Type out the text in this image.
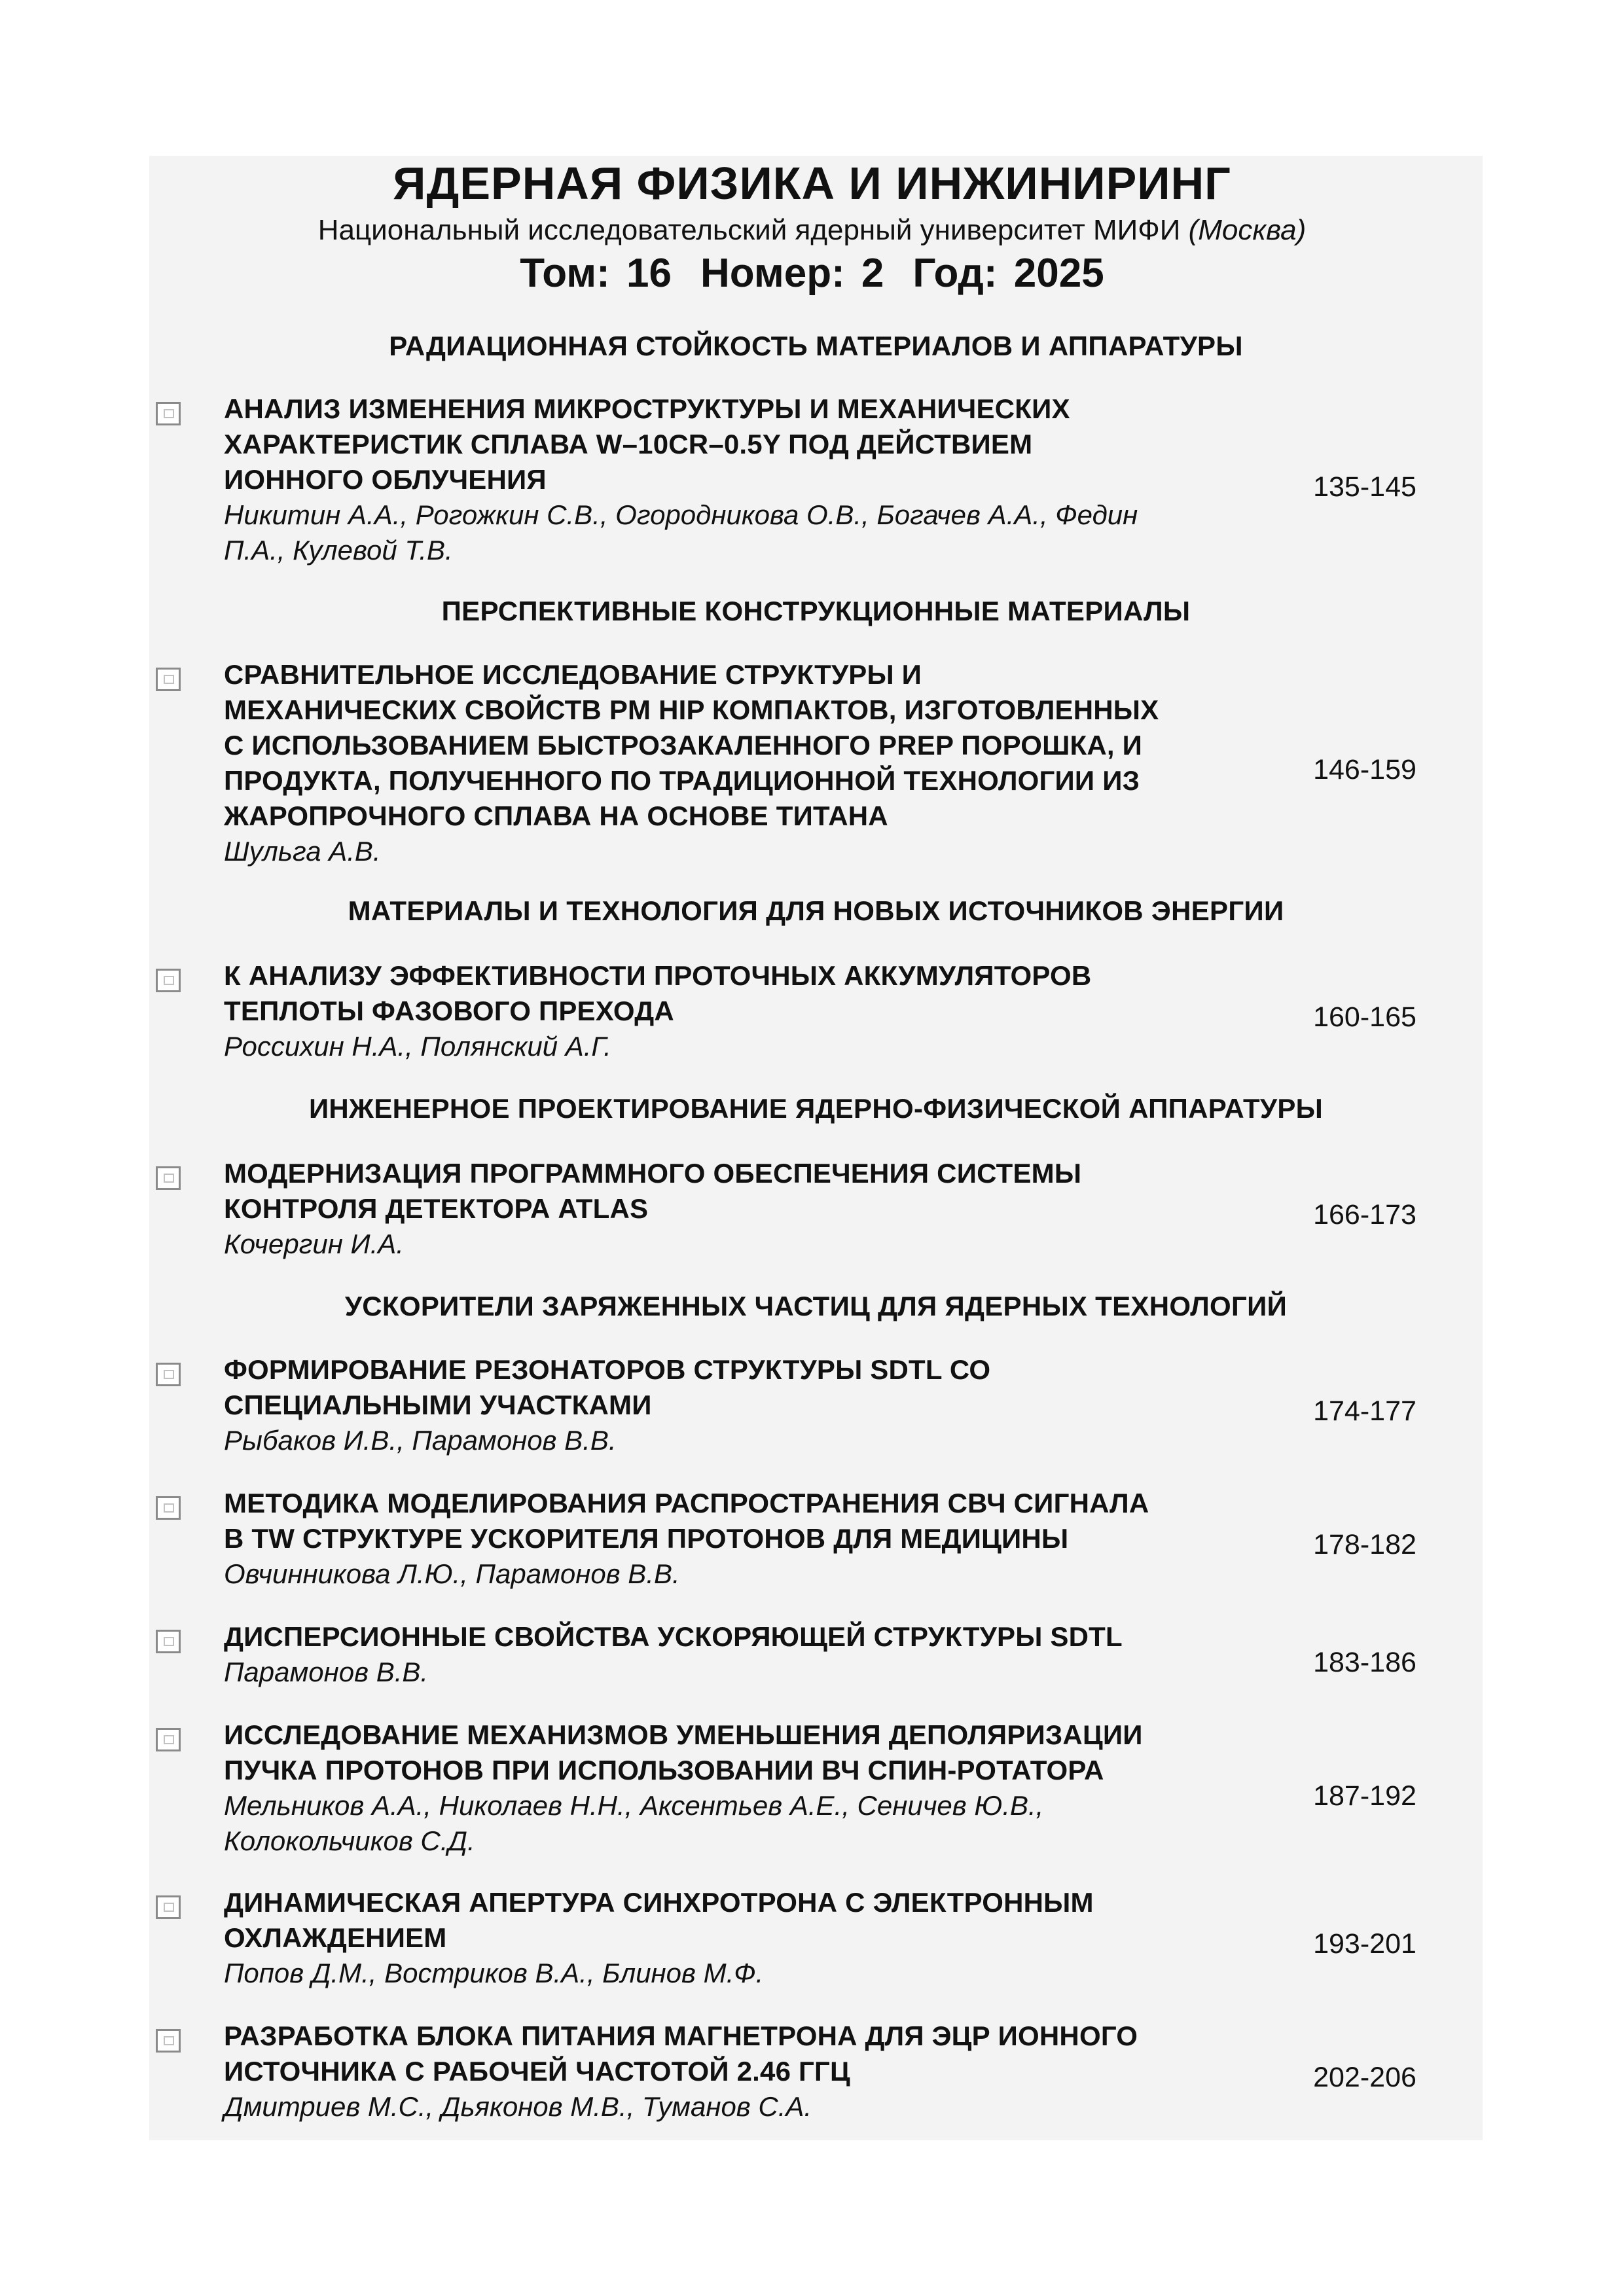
ЯДЕРНАЯ ФИЗИКА И ИНЖИНИРИНГ
Национальный исследовательский ядерный университет МИФИ (Москва)
Том: 16 Номер: 2 Год: 2025
РАДИАЦИОННАЯ СТОЙКОСТЬ МАТЕРИАЛОВ И АППАРАТУРЫ
ПЕРСПЕКТИВНЫЕ КОНСТРУКЦИОННЫЕ МАТЕРИАЛЫ
МАТЕРИАЛЫ И ТЕХНОЛОГИЯ ДЛЯ НОВЫХ ИСТОЧНИКОВ ЭНЕРГИИ
ИНЖЕНЕРНОЕ ПРОЕКТИРОВАНИЕ ЯДЕРНО-ФИЗИЧЕСКОЙ АППАРАТУРЫ
УСКОРИТЕЛИ ЗАРЯЖЕННЫХ ЧАСТИЦ ДЛЯ ЯДЕРНЫХ ТЕХНОЛОГИЙ
АНАЛИЗ ИЗМЕНЕНИЯ МИКРОСТРУКТУРЫ И МЕХАНИЧЕСКИХ
ХАРАКТЕРИСТИК СПЛАВА W–10CR–0.5Y ПОД ДЕЙСТВИЕМ
ИОННОГО ОБЛУЧЕНИЯ
Никитин А.А., Рогожкин С.В., Огородникова О.В., Богачев А.А., Федин
П.А., Кулевой Т.В.
135-145
СРАВНИТЕЛЬНОЕ ИССЛЕДОВАНИЕ СТРУКТУРЫ И
МЕХАНИЧЕСКИХ СВОЙСТВ PM HIP КОМПАКТОВ, ИЗГОТОВЛЕННЫХ
С ИСПОЛЬЗОВАНИЕМ БЫСТРОЗАКАЛЕННОГО PREP ПОРОШКА, И
ПРОДУКТА, ПОЛУЧЕННОГО ПО ТРАДИЦИОННОЙ ТЕХНОЛОГИИ ИЗ
ЖАРОПРОЧНОГО СПЛАВА НА ОСНОВЕ ТИТАНА
Шульга А.В.
146-159
К АНАЛИЗУ ЭФФЕКТИВНОСТИ ПРОТОЧНЫХ АККУМУЛЯТОРОВ
ТЕПЛОТЫ ФАЗОВОГО ПРЕХОДА
Россихин Н.А., Полянский А.Г.
160-165
МОДЕРНИЗАЦИЯ ПРОГРАММНОГО ОБЕСПЕЧЕНИЯ СИСТЕМЫ
КОНТРОЛЯ ДЕТЕКТОРА ATLAS
Кочергин И.А.
166-173
ФОРМИРОВАНИЕ РЕЗОНАТОРОВ СТРУКТУРЫ SDTL СО
СПЕЦИАЛЬНЫМИ УЧАСТКАМИ
Рыбаков И.В., Парамонов В.В.
174-177
МЕТОДИКА МОДЕЛИРОВАНИЯ РАСПРОСТРАНЕНИЯ СВЧ СИГНАЛА
В TW СТРУКТУРЕ УСКОРИТЕЛЯ ПРОТОНОВ ДЛЯ МЕДИЦИНЫ
Овчинникова Л.Ю., Парамонов В.В.
178-182
ДИСПЕРСИОННЫЕ СВОЙСТВА УСКОРЯЮЩЕЙ СТРУКТУРЫ SDTL
Парамонов В.В.	183-186
ИССЛЕДОВАНИЕ МЕХАНИЗМОВ УМЕНЬШЕНИЯ ДЕПОЛЯРИЗАЦИИ
ПУЧКА ПРОТОНОВ ПРИ ИСПОЛЬЗОВАНИИ ВЧ СПИН-РОТАТОРА
Мельников А.А., Николаев Н.Н., Аксентьев А.Е., Сеничев Ю.В.,
Колокольчиков С.Д.
187-192
ДИНАМИЧЕСКАЯ АПЕРТУРА СИНХРОТРОНА С ЭЛЕКТРОННЫМ
ОХЛАЖДЕНИЕМ
Попов Д.М., Востриков В.А., Блинов М.Ф.
193-201
РАЗРАБОТКА БЛОКА ПИТАНИЯ МАГНЕТРОНА ДЛЯ ЭЦР ИОННОГО
ИСТОЧНИКА С РАБОЧЕЙ ЧАСТОТОЙ 2.46 ГГЦ
Дмитриев М.С., Дьяконов М.В., Туманов С.А.
202-206
